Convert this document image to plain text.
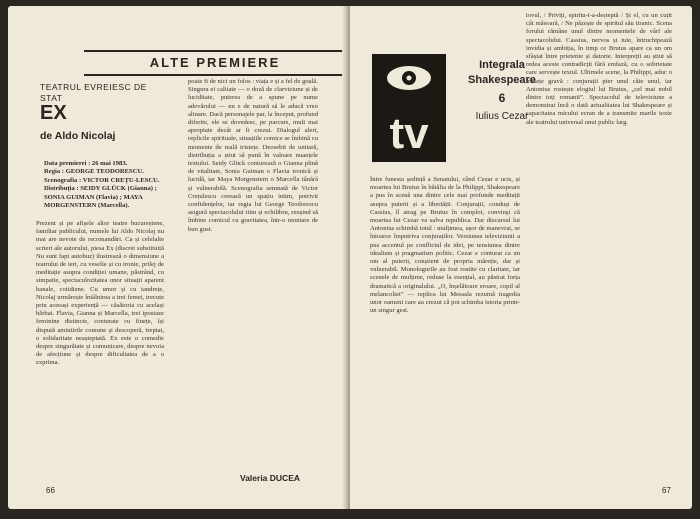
ALTE PREMIERE
TEATRUL EVREIESC DE STAT
EX
de Aldo Nicolaj
Data premierei : 26 mai 1983.
Regia : GEORGE TEODORESCU.
Scenografia : VICTOR CREȚU-LESCU.
Distribuția : SEIDY GLÜCK (Gianna) ; SONIA GUIMAN (Flavia) ; MAYA MORGENSTERN (Marcella).
Prezent și pe afișele altor teatre bucureștene, familiar publicului, numele lui Aldo Nicolaj nu mai are nevoie de recomandări. Ca și celelalte scrieri ale autorului, piesa Ex (discret substituită Nu sunt fapt autobuz) ilustrează o dimensiune a teatrului de ieri, cu veselie și cu ironie, prilej de meditație asupra condiției umane, păstrând, cu simpatie, spectaculozitatea unor situații aparent banale, cotidiene. Cu umor și cu tandrețe, Nicolaj urmărește întâlnirea a trei femei, trecute prin aceeași experiență — căsătoria cu același bărbat. Flavia, Gianna și Marcella, trei ipostaze feminine distincte, conturate cu finețe, își dispută amintirile comune și descoperă, treptat, o solidaritate neașteptată. Ex este o comedie despre singurătate și comunicare, despre nevoia de afecțiune și despre dificultatea de a o exprima.
poate fi de nici un folos : viața e și a fel de goală. Singura ei calitate — o doză de clarviziune și de luciditate, puterea de a spune pe nume adevărului — nu e de natură să le aducă vreo alinare. Dacă personajele par, la început, profund diferite, ele se dovedesc, pe parcurs, mult mai apropiate decât ar fi crezut. Dialogul alert, replicile spirituale, situațiile comice se îmbină cu momente de reală tristețe. Deosebit de unitară, distribuția a știut să pună în valoare nuanțele textului. Seidy Glück conturează o Gianna plină de vitalitate, Sonia Guiman o Flavia ironică și lucidă, iar Maya Morgenstern o Marcella tânără și vulnerabilă. Scenografia semnată de Victor Crețulescu creează un spațiu intim, potrivit confidențelor, iar regia lui George Teodorescu asigură spectacolului ritm și echilibru, reușind să îmbine comicul cu gravitatea, într-o montare de bun gust.
Valeria DUCEA
66
tv
Integrala Shakespeare
6
Iulius Cezar
Între funesta ședință a Senatului, când Cezar e ucis, și moartea lui Brutus în bătălia de la Philippi, Shakespeare a pus în scenă una dintre cele mai profunde meditații asupra puterii și a libertății. Conjurații, conduși de Cassius, îl atrag pe Brutus în complot, convinși că moartea lui Cezar va salva republica. Dar discursul lui Antonius schimbă totul : mulțimea, ușor de manevrat, se întoarce împotriva conjuraților. Versiunea televiziunii a pus accentul pe conflictul de idei, pe tensiunea dintre idealism și pragmatism politic. Cezar e conturat ca un om al puterii, conștient de propria măreție, dar și vulnerabil. Monologurile au fost rostite cu claritate, iar scenele de mulțime, reduse la esențial, au păstrat forța dramatică a originalului. „O, înșelătoare eroare, copil al melancoliei” — replica lui Messala rezumă tragedia unor oameni care au crezut că pot schimba istoria printr-un singur gest.
tovul, / Priviți, spiritu-i-a-deșteptă / Și el, cu un cuțit cât măsoară, / Ne păzește de spiritul său tiranic. Scena forului rămâne unul dintre momentele de vârf ale spectacolului. Cassius, nervos și iute, întruchipează invidia și ambiția, în timp ce Brutus apare ca un om sfâșiat între prietenie și datorie. Interpreții au știut să redea aceste contradicții fără emfază, cu o sobrietate care servește textul. Ultimele scene, la Philippi, aduc o tristețe gravă : conjurații pier unul câte unul, iar Antonius rostește elogiul lui Brutus, „cel mai nobil dintre toți romanii”. Spectacolul de televiziune a demonstrat încă o dată actualitatea lui Shakespeare și capacitatea micului ecran de a transmite marile texte ale teatrului universal unui public larg.
67
